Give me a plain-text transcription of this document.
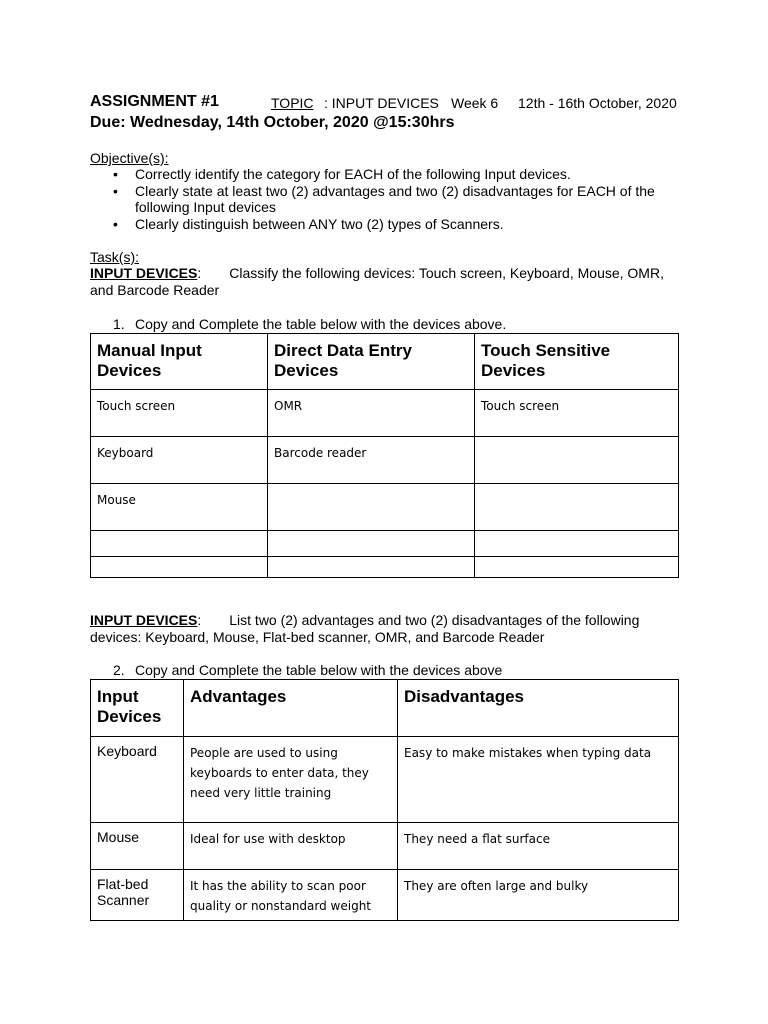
ASSIGNMENT #1	TOPIC : INPUT DEVICES Week 6 12th - 16th October, 2020
Due: Wednesday, 14th October, 2020 @15:30hrs
Objective(s):
• Correctly identify the category for EACH of the following Input devices.
• Clearly state at least two (2) advantages and two (2) disadvantages for EACH of the following Input devices
• Clearly distinguish between ANY two (2) types of Scanners.
Task(s):
INPUT DEVICES: Classify the following devices: Touch screen, Keyboard, Mouse, OMR, and Barcode Reader
1. Copy and Complete the table below with the devices above.
Manual Input Devices	Direct Data Entry Devices	Touch Sensitive Devices
Touch screen	OMR	Touch screen
Keyboard	Barcode reader	
Mouse		

INPUT DEVICES: List two (2) advantages and two (2) disadvantages of the following devices: Keyboard, Mouse, Flat-bed scanner, OMR, and Barcode Reader
2. Copy and Complete the table below with the devices above
Input Devices	Advantages	Disadvantages
Keyboard	People are used to using keyboards to enter data, they need very little training	Easy to make mistakes when typing data
Mouse	Ideal for use with desktop	They need a flat surface
Flat-bed Scanner	It has the ability to scan poor quality or nonstandard weight	They are often large and bulky
